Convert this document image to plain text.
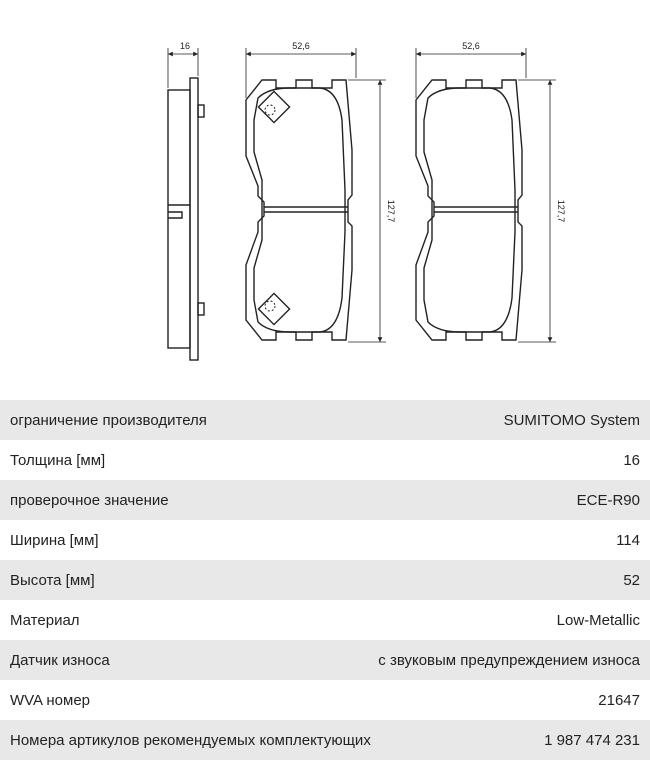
16	52,6	52,6
127,7	127,7
ограничение производителя	SUMITOMO System
Толщина [мм]	16
проверочное значение	ECE-R90
Ширина [мм]	114
Высота [мм]	52
Материал	Low-Metallic
Датчик износа	с звуковым предупреждением износа
WVA номер	21647
Номера артикулов рекомендуемых комплектующих	1 987 474 231
